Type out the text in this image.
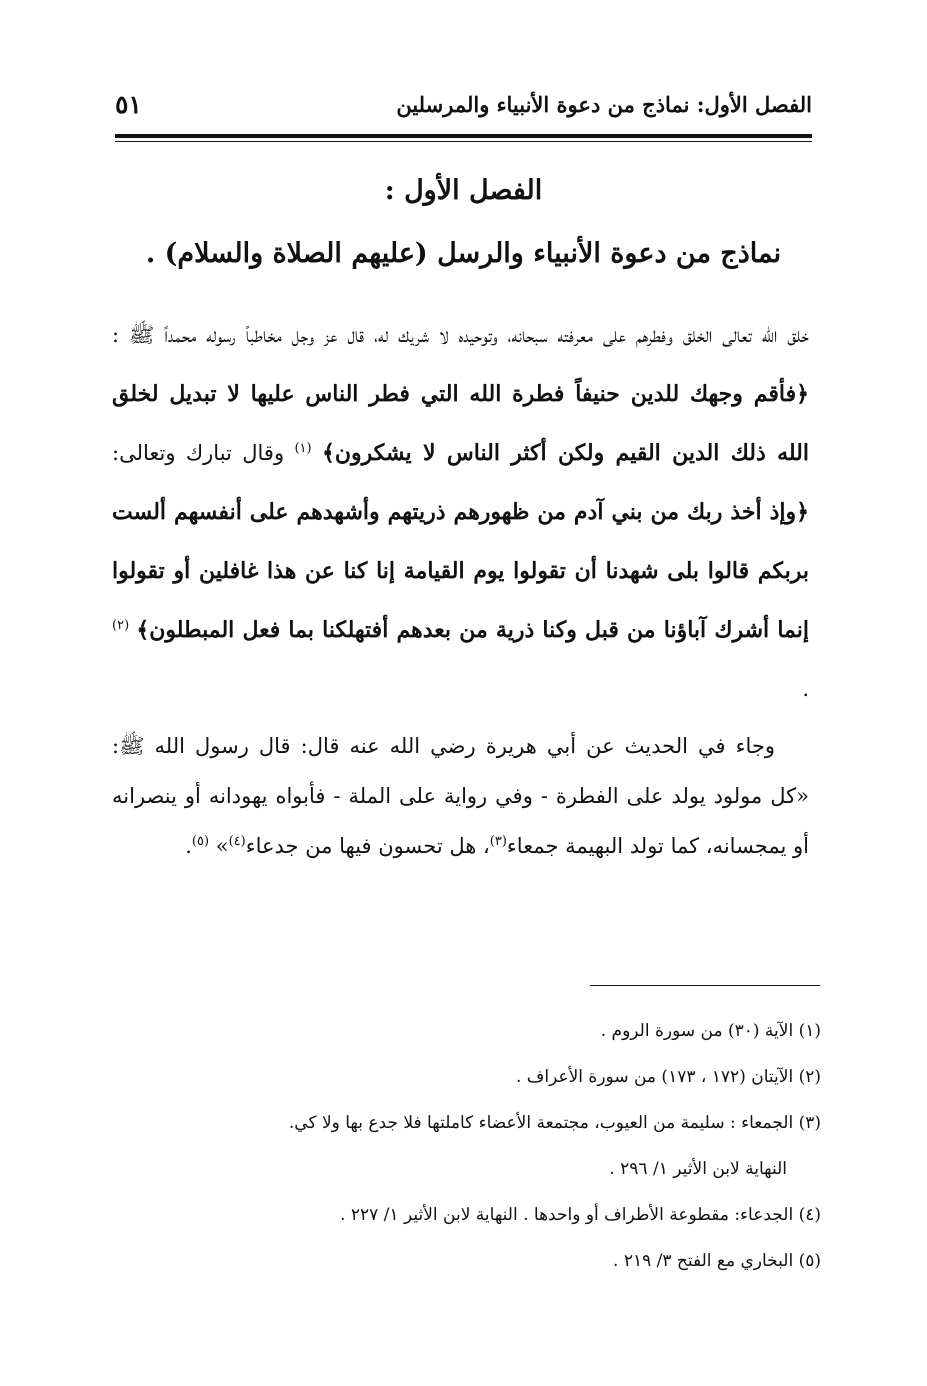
الفصل الأول: نماذج من دعوة الأنبياء والمرسلين
٥١
الفصل الأول :
نماذج من دعوة الأنبياء والرسل (عليهم الصلاة والسلام) .

خلق الله تعالى الخلق وفطرهم على معرفته سبحانه، وتوحيده لا شريك له، قال عز وجل مخاطباً رسوله محمداً ﷺ : ﴿فأقم وجهك للدين حنيفاً فطرة الله التي فطر الناس عليها لا تبديل لخلق الله ذلك الدين القيم ولكن أكثر الناس لا يشكرون﴾ $^{(١)}$ وقال تبارك وتعالى: ﴿وإذ أخذ ربك من بني آدم من ظهورهم ذريتهم وأشهدهم على أنفسهم ألست بربكم قالوا بلى شهدنا أن تقولوا يوم القيامة إنا كنا عن هذا غافلين أو تقولوا إنما أشرك آباؤنا من قبل وكنا ذرية من بعدهم أفتهلكنا بما فعل المبطلون﴾ $^{(٢)}$ .

وجاء في الحديث عن أبي هريرة رضي الله عنه قال: قال رسول الله ﷺ: «كل مولود يولد على الفطرة - وفي رواية على الملة - فأبواه يهودانه أو ينصرانه أو يمجسانه، كما تولد البهيمة جمعاء$^{(٣)}$، هل تحسون فيها من جدعاء$^{(٤)}$» $^{(٥)}$.

(١) الآية (٣٠) من سورة الروم .
(٢) الآيتان (١٧٢ ، ١٧٣) من سورة الأعراف .
(٣) الجمعاء : سليمة من العيوب، مجتمعة الأعضاء كاملتها فلا جدع بها ولا كي.
النهاية لابن الأثير ١/ ٢٩٦ .
(٤) الجدعاء: مقطوعة الأطراف أو واحدها . النهاية لابن الأثير ١/ ٢٢٧ .
(٥) البخاري مع الفتح ٣/ ٢١٩ .
